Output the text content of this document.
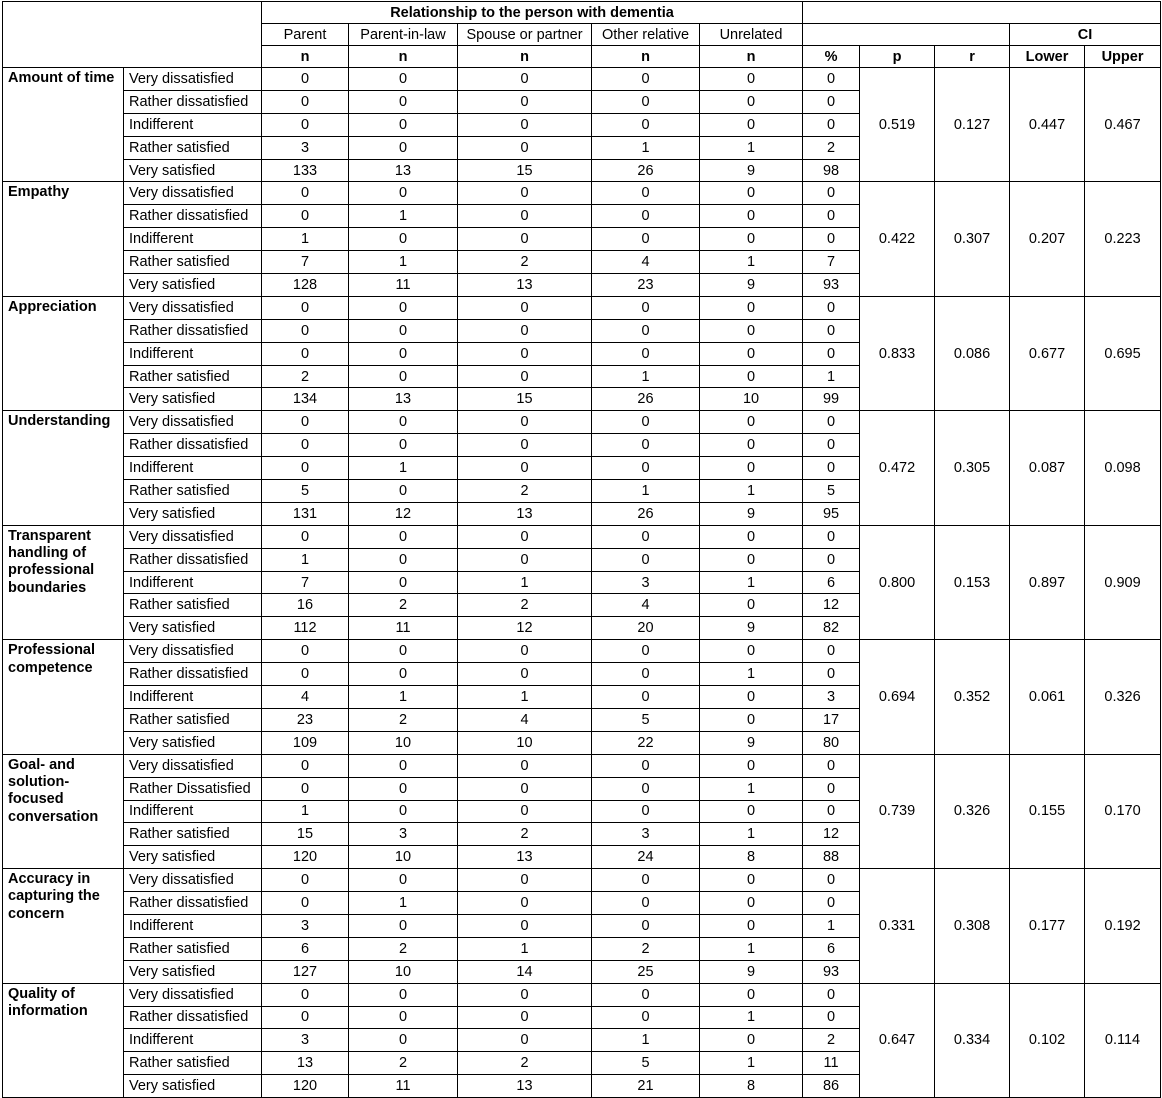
		Relationship to the person with dementia									
		Parent	Parent-in-law	Spouse or partner	Other relative	Unrelated				CI	
		n	n	n	n	n	%	p	r	Lower	Upper
Amount of time	Very dissatisfied	0	0	0	0	0	0	0.519	0.127	0.447	0.467
	Rather dissatisfied	0	0	0	0	0	0				
	Indifferent	0	0	0	0	0	0				
	Rather satisfied	3	0	0	1	1	2				
	Very satisfied	133	13	15	26	9	98				
Empathy	Very dissatisfied	0	0	0	0	0	0	0.422	0.307	0.207	0.223
	Rather dissatisfied	0	1	0	0	0	0				
	Indifferent	1	0	0	0	0	0				
	Rather satisfied	7	1	2	4	1	7				
	Very satisfied	128	11	13	23	9	93				
Appreciation	Very dissatisfied	0	0	0	0	0	0	0.833	0.086	0.677	0.695
	Rather dissatisfied	0	0	0	0	0	0				
	Indifferent	0	0	0	0	0	0				
	Rather satisfied	2	0	0	1	0	1				
	Very satisfied	134	13	15	26	10	99				
Understanding	Very dissatisfied	0	0	0	0	0	0	0.472	0.305	0.087	0.098
	Rather dissatisfied	0	0	0	0	0	0				
	Indifferent	0	1	0	0	0	0				
	Rather satisfied	5	0	2	1	1	5				
	Very satisfied	131	12	13	26	9	95				
Transparent handling of professional boundaries	Very dissatisfied	0	0	0	0	0	0	0.800	0.153	0.897	0.909
	Rather dissatisfied	1	0	0	0	0	0				
	Indifferent	7	0	1	3	1	6				
	Rather satisfied	16	2	2	4	0	12				
	Very satisfied	112	11	12	20	9	82				
Professional competence	Very dissatisfied	0	0	0	0	0	0	0.694	0.352	0.061	0.326
	Rather dissatisfied	0	0	0	0	1	0				
	Indifferent	4	1	1	0	0	3				
	Rather satisfied	23	2	4	5	0	17				
	Very satisfied	109	10	10	22	9	80				
Goal- and solution-focused conversation	Very dissatisfied	0	0	0	0	0	0	0.739	0.326	0.155	0.170
	Rather Dissatisfied	0	0	0	0	1	0				
	Indifferent	1	0	0	0	0	0				
	Rather satisfied	15	3	2	3	1	12				
	Very satisfied	120	10	13	24	8	88				
Accuracy in capturing the concern	Very dissatisfied	0	0	0	0	0	0	0.331	0.308	0.177	0.192
	Rather dissatisfied	0	1	0	0	0	0				
	Indifferent	3	0	0	0	0	1				
	Rather satisfied	6	2	1	2	1	6				
	Very satisfied	127	10	14	25	9	93				
Quality of information	Very dissatisfied	0	0	0	0	0	0	0.647	0.334	0.102	0.114
	Rather dissatisfied	0	0	0	0	1	0				
	Indifferent	3	0	0	1	0	2				
	Rather satisfied	13	2	2	5	1	11				
	Very satisfied	120	11	13	21	8	86				
